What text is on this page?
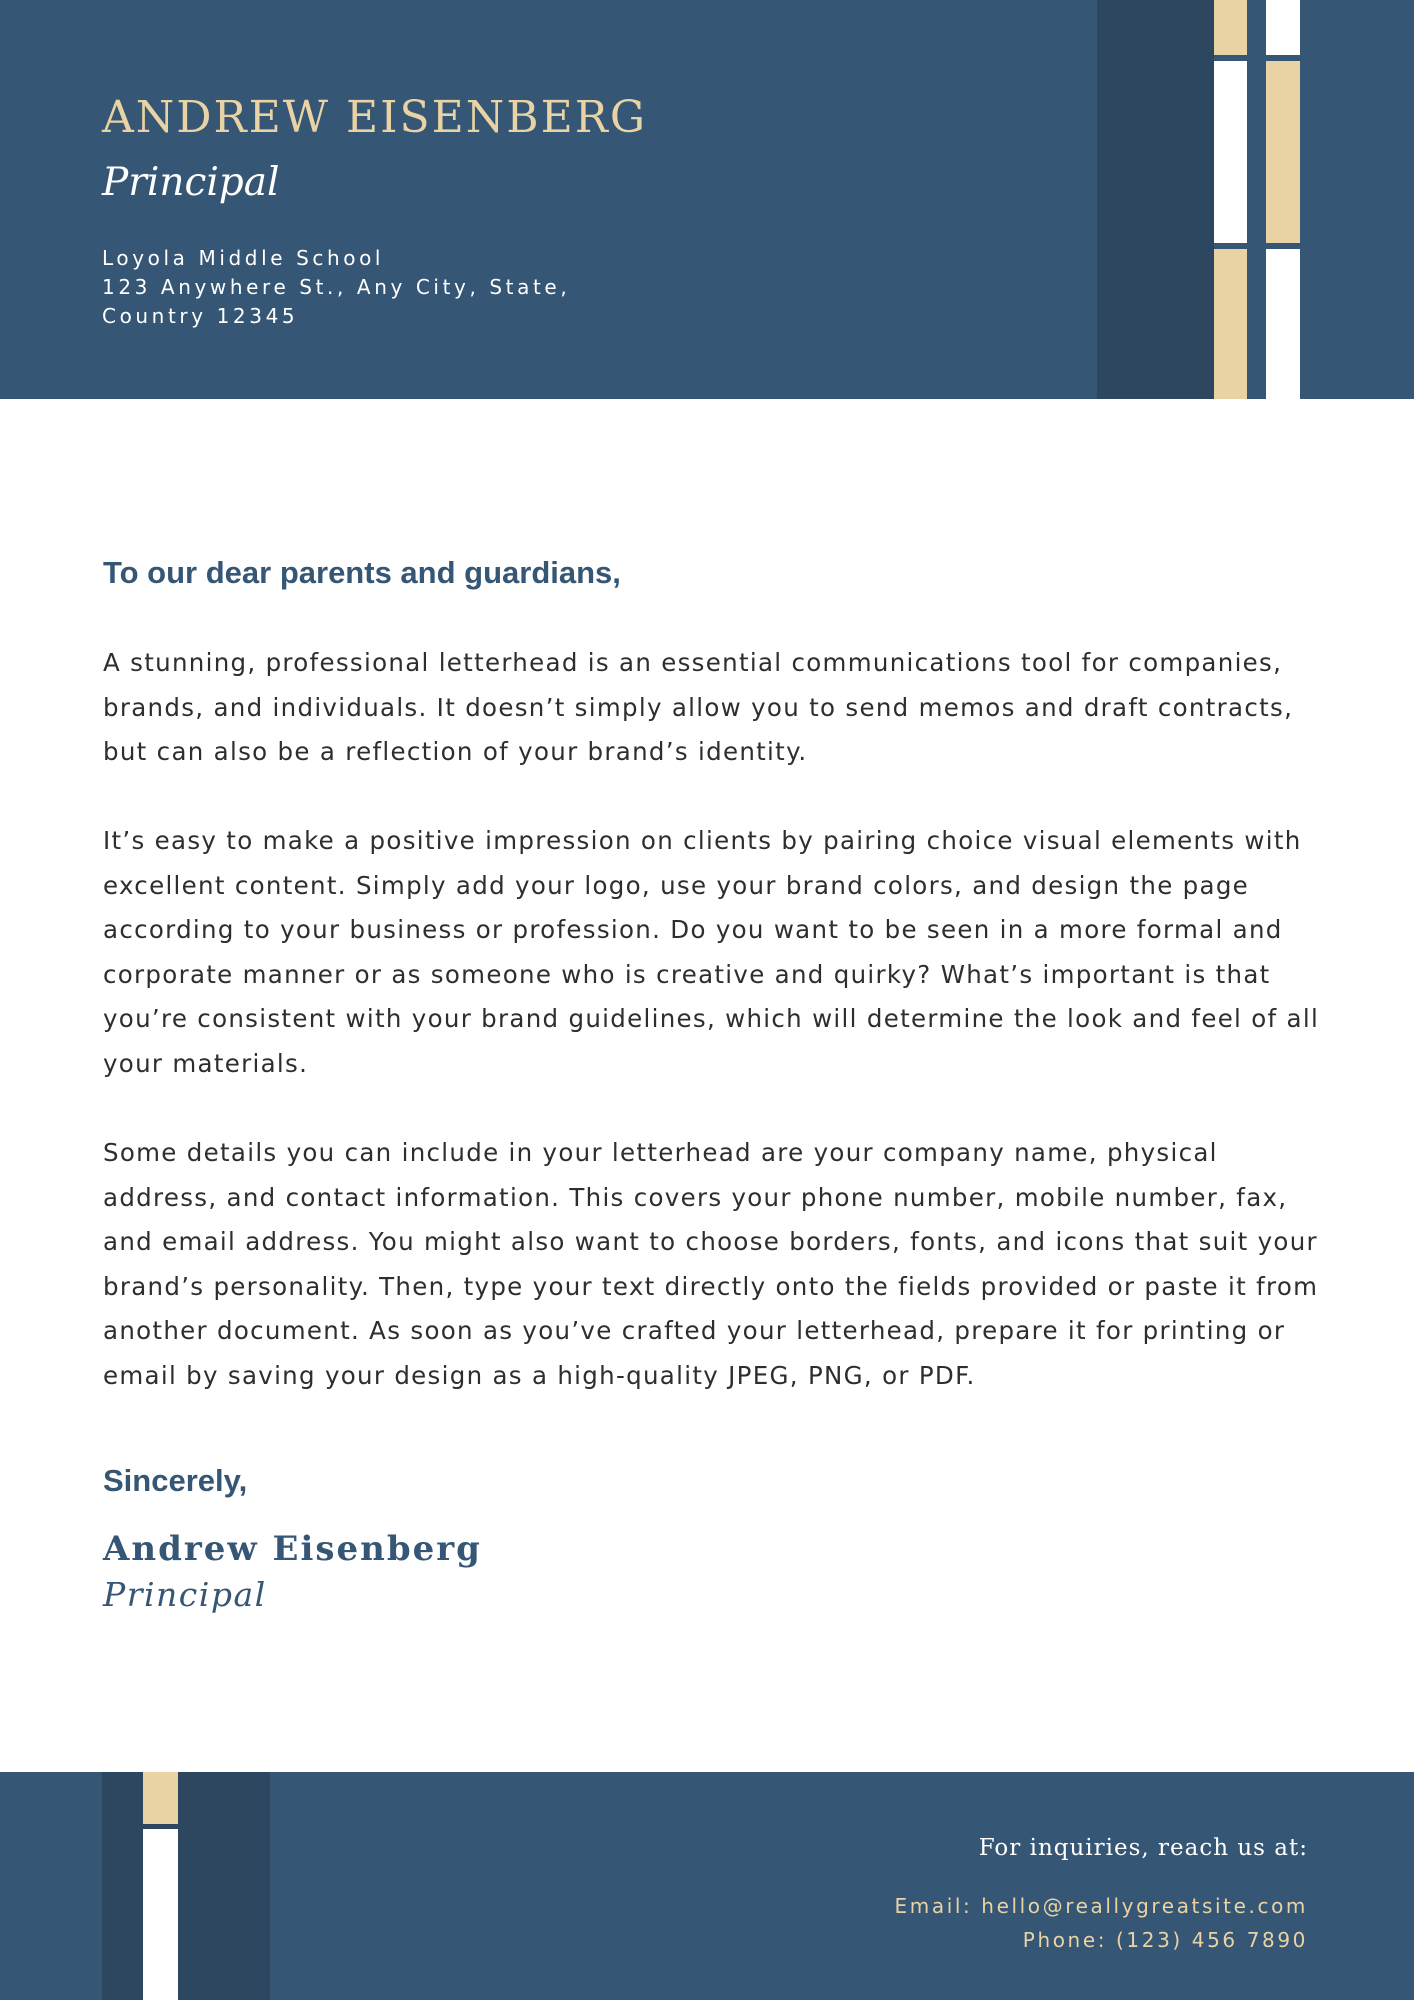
ANDREW EISENBERG
Principal
Loyola Middle School
123 Anywhere St., Any City, State,
Country 12345
To our dear parents and guardians,

A stunning, professional letterhead is an essential communications tool for companies, brands, and individuals. It doesn’t simply allow you to send memos and draft contracts, but can also be a reflection of your brand’s identity.

It’s easy to make a positive impression on clients by pairing choice visual elements with excellent content. Simply add your logo, use your brand colors, and design the page according to your business or profession. Do you want to be seen in a more formal and corporate manner or as someone who is creative and quirky? What’s important is that you’re consistent with your brand guidelines, which will determine the look and feel of all your materials.

Some details you can include in your letterhead are your company name, physical address, and contact information. This covers your phone number, mobile number, fax, and email address. You might also want to choose borders, fonts, and icons that suit your brand’s personality. Then, type your text directly onto the fields provided or paste it from another document. As soon as you’ve crafted your letterhead, prepare it for printing or email by saving your design as a high-quality JPEG, PNG, or PDF.

Sincerely,
Andrew Eisenberg
Principal
For inquiries, reach us at:
Email: hello@reallygreatsite.com
Phone: (123) 456 7890
